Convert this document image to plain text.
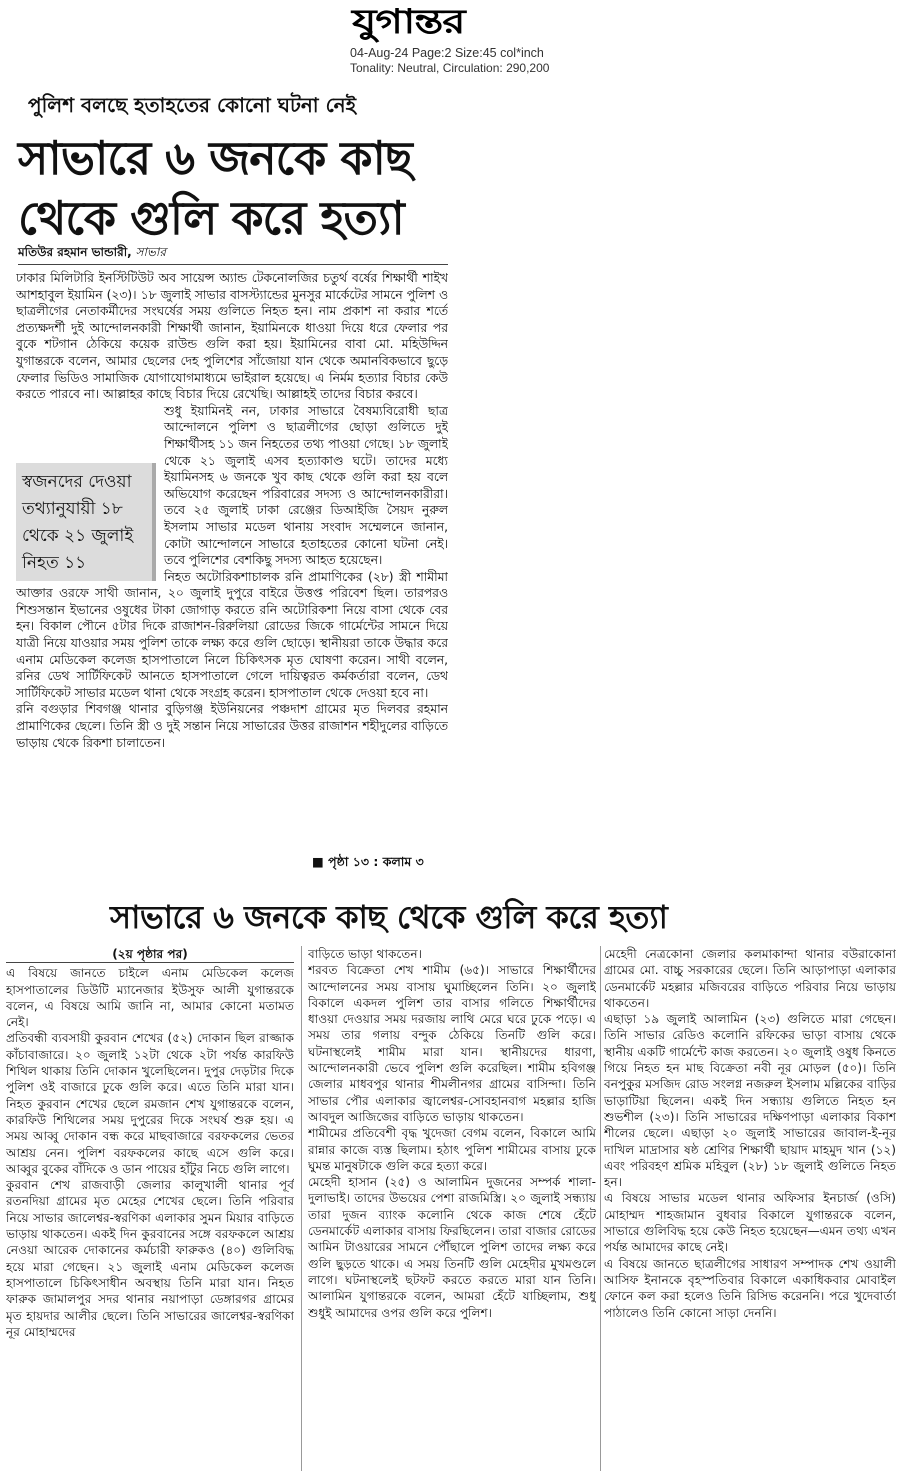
যুগান্তর
04-Aug-24 Page:2 Size:45 col*inch
Tonality: Neutral, Circulation: 290,200
পুলিশ বলছে হতাহতের কোনো ঘটনা নেই
সাভারে ৬ জনকে কাছ থেকে গুলি করে হত্যা
মতিউর রহমান ভান্ডারী, সাভার

ঢাকার মিলিটারি ইনস্টিটিউট অব সায়েন্স অ্যান্ড টেকনোলজির চতুর্থ বর্ষের শিক্ষার্থী শাইখ আশহাবুল ইয়ামিন (২৩)। ১৮ জুলাই সাভার বাসস্ট্যান্ডের মুনসুর মার্কেটের সামনে পুলিশ ও ছাত্রলীগের নেতাকর্মীদের সংঘর্ষের সময় গুলিতে নিহত হন। নাম প্রকাশ না করার শর্তে প্রত্যক্ষদর্শী দুই আন্দোলনকারী শিক্ষার্থী জানান, ইয়ামিনকে ধাওয়া দিয়ে ধরে ফেলার পর বুকে শটগান ঠেকিয়ে কয়েক রাউন্ড গুলি করা হয়। ইয়ামিনের বাবা মো. মহিউদ্দিন যুগান্তরকে বলেন, আমার ছেলের দেহ পুলিশের সাঁজোয়া যান থেকে অমানবিকভাবে ছুড়ে ফেলার ভিডিও সামাজিক যোগাযোগমাধ্যমে ভাইরাল হয়েছে। এ নির্মম হত্যার বিচার কেউ করতে পারবে না। আল্লাহর কাছে বিচার দিয়ে রেখেছি। আল্লাহই তাদের বিচার করবে।

স্বজনদের দেওয়া তথ্যানুযায়ী ১৮ থেকে ২১ জুলাই নিহত ১১

শুধু ইয়ামিনই নন, ঢাকার সাভারে বৈষম্যবিরোধী ছাত্র আন্দোলনে পুলিশ ও ছাত্রলীগের ছোড়া গুলিতে দুই শিক্ষার্থীসহ ১১ জন নিহতের তথ্য পাওয়া গেছে। ১৮ জুলাই থেকে ২১ জুলাই এসব হত্যাকাণ্ড ঘটে। তাদের মধ্যে ইয়ামিনসহ ৬ জনকে খুব কাছ থেকে গুলি করা হয় বলে অভিযোগ করেছেন পরিবারের সদস্য ও আন্দোলনকারীরা। তবে ২৫ জুলাই ঢাকা রেঞ্জের ডিআইজি সৈয়দ নুরুল ইসলাম সাভার মডেল থানায় সংবাদ সম্মেলনে জানান, কোটা আন্দোলনে সাভারে হতাহতের কোনো ঘটনা নেই। তবে পুলিশের বেশকিছু সদস্য আহত হয়েছেন।

নিহত অটোরিকশাচালক রনি প্রামাণিকের (২৮) স্ত্রী শামীমা আক্তার ওরফে সাথী জানান, ২০ জুলাই দুপুরে বাইরে উত্তপ্ত পরিবেশ ছিল। তারপরও শিশুসন্তান ইভানের ওষুধের টাকা জোগাড় করতে রনি অটোরিকশা নিয়ে বাসা থেকে বের হন। বিকাল পৌনে ৫টার দিকে রাজাশন-রিরুলিয়া রোডের জিকে গার্মেন্টের সামনে দিয়ে যাত্রী নিয়ে যাওয়ার সময় পুলিশ তাকে লক্ষ্য করে গুলি ছোড়ে। স্থানীয়রা তাকে উদ্ধার করে এনাম মেডিকেল কলেজ হাসপাতালে নিলে চিকিৎসক মৃত ঘোষণা করেন। সাথী বলেন, রনির ডেথ সার্টিফিকেট আনতে হাসপাতালে গেলে দায়িত্বরত কর্মকর্তারা বলেন, ডেথ সার্টিফিকেট সাভার মডেল থানা থেকে সংগ্রহ করেন। হাসপাতাল থেকে দেওয়া হবে না।

রনি বগুড়ার শিবগঞ্জ থানার বুড়িগঞ্জ ইউনিয়নের পঞ্চদাশ গ্রামের মৃত দিলবর রহমান প্রামাণিকের ছেলে। তিনি স্ত্রী ও দুই সন্তান নিয়ে সাভারের উত্তর রাজাশন শহীদুলের বাড়িতে ভাড়ায় থেকে রিকশা চালাতেন।

■ পৃষ্ঠা ১৩ : কলাম ৩
সাভারে ৬ জনকে কাছ থেকে গুলি করে হত্যা
(২য় পৃষ্ঠার পর)

এ বিষয়ে জানতে চাইলে এনাম মেডিকেল কলেজ হাসপাতালের ডিউটি ম্যানেজার ইউসুফ আলী যুগান্তরকে বলেন, এ বিষয়ে আমি জানি না, আমার কোনো মতামত নেই।

প্রতিবন্ধী ব্যবসায়ী কুরবান শেখের (৫২) দোকান ছিল রাজ্জাক কাঁচাবাজারে। ২০ জুলাই ১২টা থেকে ২টা পর্যন্ত কারফিউ শিথিল থাকায় তিনি দোকান খুলেছিলেন। দুপুর দেড়টার দিকে পুলিশ ওই বাজারে ঢুকে গুলি করে। এতে তিনি মারা যান। নিহত কুরবান শেখের ছেলে রমজান শেখ যুগান্তরকে বলেন, কারফিউ শিথিলের সময় দুপুরের দিকে সংঘর্ষ শুরু হয়। এ সময় আব্বু দোকান বন্ধ করে মাছবাজারে বরফকলের ভেতর আশ্রয় নেন। পুলিশ বরফকলের কাছে এসে গুলি করে। আব্বুর বুকের বাঁদিকে ও ডান পায়ের হাঁটুর নিচে গুলি লাগে।

কুরবান শেখ রাজবাড়ী জেলার কালুখালী থানার পূর্ব রতনদিয়া গ্রামের মৃত মেহের শেখের ছেলে। তিনি পরিবার নিয়ে সাভার জালেশ্বর-স্বরণিকা এলাকার সুমন মিয়ার বাড়িতে ভাড়ায় থাকতেন। একই দিন কুরবানের সঙ্গে বরফকলে আশ্রয় নেওয়া আরেক দোকানের কর্মচারী ফারুকও (৪০) গুলিবিদ্ধ হয়ে মারা গেছেন। ২১ জুলাই এনাম মেডিকেল কলেজ হাসপাতালে চিকিৎসাধীন অবস্থায় তিনি মারা যান। নিহত ফারুক জামালপুর সদর থানার নয়াপাড়া ডেঙ্গারগর গ্রামের মৃত হায়দার আলীর ছেলে। তিনি সাভারের জালেশ্বর-স্বরণিকা নূর মোহাম্মদের

বাড়িতে ভাড়া থাকতেন।

শরবত বিক্রেতা শেখ শামীম (৬৫)। সাভারে শিক্ষার্থীদের আন্দোলনের সময় বাসায় ঘুমাচ্ছিলেন তিনি। ২০ জুলাই বিকালে একদল পুলিশ তার বাসার গলিতে শিক্ষার্থীদের ধাওয়া দেওয়ার সময় দরজায় লাথি মেরে ঘরে ঢুকে পড়ে। এ সময় তার গলায় বন্দুক ঠেকিয়ে তিনটি গুলি করে। ঘটনাস্থলেই শামীম মারা যান। স্থানীয়দের ধারণা, আন্দোলনকারী ভেবে পুলিশ গুলি করেছিল। শামীম হবিগঞ্জ জেলার মাধবপুর থানার শীমলীনগর গ্রামের বাসিন্দা। তিনি সাভার পৌর এলাকার জ্বালেশ্বর-সোবহানবাগ মহল্লার হাজি আবদুল আজিজের বাড়িতে ভাড়ায় থাকতেন।

শামীমের প্রতিবেশী বৃদ্ধ খুদেজা বেগম বলেন, বিকালে আমি রান্নার কাজে ব্যস্ত ছিলাম। হঠাৎ পুলিশ শামীমের বাসায় ঢুকে ঘুমন্ত মানুষটাকে গুলি করে হত্যা করে।

মেহেদী হাসান (২৫) ও আলামিন দুজনের সম্পর্ক শালা-দুলাভাই। তাদের উভয়ের পেশা রাজমিস্ত্রি। ২০ জুলাই সন্ধ্যায় তারা দুজন ব্যাংক কলোনি থেকে কাজ শেষে হেঁটে ডেনমার্কেট এলাকার বাসায় ফিরছিলেন। তারা বাজার রোডের আমিন টাওয়ারের সামনে পৌঁছালে পুলিশ তাদের লক্ষ্য করে গুলি ছুড়তে থাকে। এ সময় তিনটি গুলি মেহেদীর মুখমণ্ডলে লাগে। ঘটনাস্থলেই ছটফট করতে করতে মারা যান তিনি। আলামিন যুগান্তরকে বলেন, আমরা হেঁটে যাচ্ছিলাম, শুধু শুধুই আমাদের ওপর গুলি করে পুলিশ।

মেহেদী নেত্রকোনা জেলার কলমাকান্দা থানার বউরাকোনা গ্রামের মো. বাচ্চু সরকারের ছেলে। তিনি আড়াপাড়া এলাকার ডেনমার্কেট মহল্লার মজিবরের বাড়িতে পরিবার নিয়ে ভাড়ায় থাকতেন।

এছাড়া ১৯ জুলাই আলামিন (২৩) গুলিতে মারা গেছেন। তিনি সাভার রেডিও কলোনি রফিকের ভাড়া বাসায় থেকে স্থানীয় একটি গার্মেন্টে কাজ করতেন। ২০ জুলাই ওষুধ কিনতে গিয়ে নিহত হন মাছ বিক্রেতা নবী নূর মোড়ল (৫০)। তিনি বনপুকুর মসজিদ রোড সংলগ্ন নজরুল ইসলাম মল্লিকের বাড়ির ভাড়াটিয়া ছিলেন। একই দিন সন্ধ্যায় গুলিতে নিহত হন শুভশীল (২৩)। তিনি সাভারের দক্ষিণপাড়া এলাকার বিকাশ শীলের ছেলে। এছাড়া ২০ জুলাই সাভারের জাবাল-ই-নূর দাখিল মাদ্রাসার ষষ্ঠ শ্রেণির শিক্ষার্থী ছায়াদ মাহমুদ খান (১২) এবং পরিবহণ শ্রমিক মহিবুল (২৮) ১৮ জুলাই গুলিতে নিহত হন।

এ বিষয়ে সাভার মডেল থানার অফিসার ইনচার্জ (ওসি) মোহাম্মদ শাহজামান বুধবার বিকালে যুগান্তরকে বলেন, সাভারে গুলিবিদ্ধ হয়ে কেউ নিহত হয়েছেন—এমন তথ্য এখন পর্যন্ত আমাদের কাছে নেই।

এ বিষয়ে জানতে ছাত্রলীগের সাধারণ সম্পাদক শেখ ওয়ালী আসিফ ইনানকে বৃহস্পতিবার বিকালে একাধিকবার মোবাইল ফোনে কল করা হলেও তিনি রিসিভ করেননি। পরে খুদেবার্তা পাঠালেও তিনি কোনো সাড়া দেননি।
